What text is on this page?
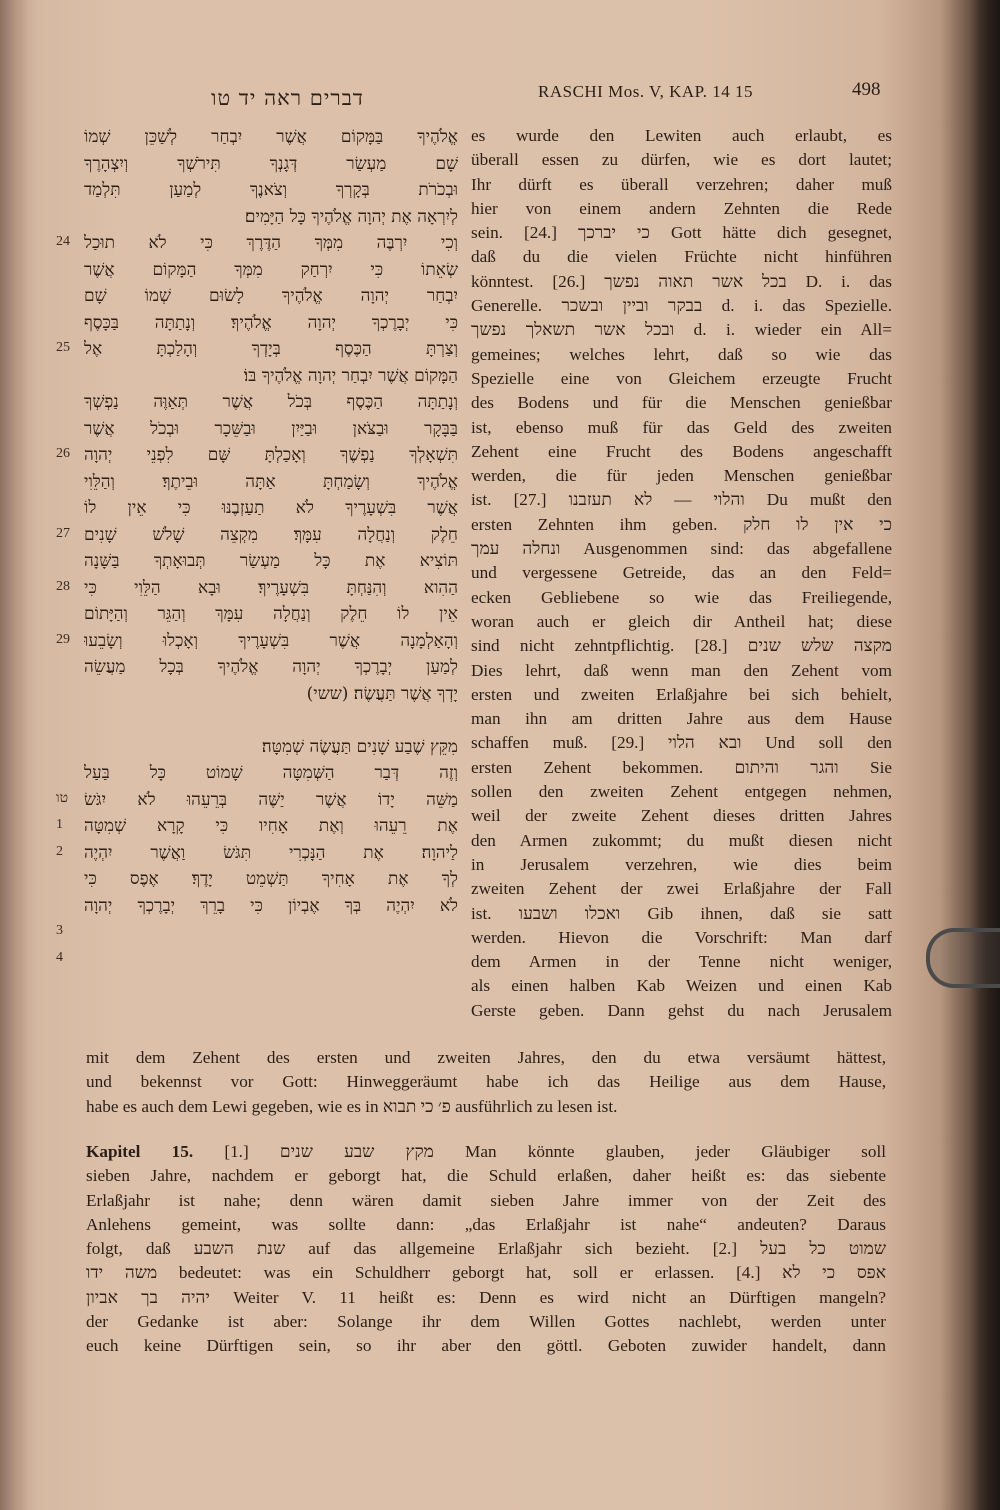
דברים ראה יד טו	RASCHI Mos. V, KAP. 14 15	498
24
25
26
27
28
29
טו
1
2
3
4
אֱלֹהֶיךָ בַּמָּקוֹם אֲשֶׁר יִבְחַר לְשַׁכֵּן שְׁמוֹ
שָׁם מַעְשַׂר דְּגָנְךָ תִּירֹשְׁךָ וְיִצְהָרֶךָ
וּבְכֹרֹת בְּקָרְךָ וְצֹאנֶךָ לְמַעַן תִּלְמַד
לְיִרְאָה אֶת יְהוָה אֱלֹהֶיךָ כָּל הַיָּמִים׃
וְכִי יִרְבֶּה מִמְּךָ הַדֶּרֶךְ כִּי לֹא תוּכַל
שְׂאֵתוֹ כִּי יִרְחַק מִמְּךָ הַמָּקוֹם אֲשֶׁר
יִבְחַר יְהוָה אֱלֹהֶיךָ לָשׂוּם שְׁמוֹ שָׁם
כִּי יְבָרֶכְךָ יְהוָה אֱלֹהֶיךָ׃ וְנָתַתָּה בַּכָּסֶף
וְצַרְתָּ הַכֶּסֶף בְּיָדְךָ וְהָלַכְתָּ אֶל
הַמָּקוֹם אֲשֶׁר יִבְחַר יְהוָה אֱלֹהֶיךָ בּוֹ׃
וְנָתַתָּה הַכֶּסֶף בְּכֹל אֲשֶׁר תְּאַוֶּה נַפְשְׁךָ
בַּבָּקָר וּבַצֹּאן וּבַיַּיִן וּבַשֵּׁכָר וּבְכֹל אֲשֶׁר
תִּשְׁאָלְךָ נַפְשֶׁךָ וְאָכַלְתָּ שָּׁם לִפְנֵי יְהוָה
אֱלֹהֶיךָ וְשָׂמַחְתָּ אַתָּה וּבֵיתֶךָ׃ וְהַלֵּוִי
אֲשֶׁר בִּשְׁעָרֶיךָ לֹא תַעַזְבֶנּוּ כִּי אֵין לוֹ
חֵלֶק וְנַחֲלָה עִמָּךְ׃ מִקְצֵה שָׁלֹשׁ שָׁנִים
תּוֹצִיא אֶת כָּל מַעְשַׂר תְּבוּאָתְךָ בַּשָּׁנָה
הַהִוא וְהִנַּחְתָּ בִּשְׁעָרֶיךָ׃ וּבָא הַלֵּוִי כִּי
אֵין לוֹ חֵלֶק וְנַחֲלָה עִמָּךְ וְהַגֵּר וְהַיָּתוֹם
וְהָאַלְמָנָה אֲשֶׁר בִּשְׁעָרֶיךָ וְאָכְלוּ וְשָׂבֵעוּ
לְמַעַן יְבָרֶכְךָ יְהוָה אֱלֹהֶיךָ בְּכָל מַעֲשֵׂה
יָדְךָ אֲשֶׁר תַּעֲשֶׂה׃ (ששי)
מִקֵּץ שֶׁבַע שָׁנִים תַּעֲשֶׂה שְׁמִטָּה׃
וְזֶה דְּבַר הַשְּׁמִטָּה שָׁמוֹט כָּל בַּעַל
מַשֵּׁה יָדוֹ אֲשֶׁר יַשֶּׁה בְּרֵעֵהוּ לֹא יִגֹּשׂ
אֶת רֵעֵהוּ וְאֶת אָחִיו כִּי קָרָא שְׁמִטָּה
לַיהוָה׃ אֶת הַנָּכְרִי תִּגֹּשׂ וַאֲשֶׁר יִהְיֶה
לְךָ אֶת אָחִיךָ תַּשְׁמֵט יָדֶךָ׃ אֶפֶס כִּי
לֹא יִהְיֶה בְּךָ אֶבְיוֹן כִּי בָרֵךְ יְבָרֶכְךָ יְהוָה
es wurde den Lewiten auch erlaubt, es
überall essen zu dürfen, wie es dort lautet;
Ihr dürft es überall verzehren; daher muß
hier von einem andern Zehnten die Rede
sein. [24.] כי יברכך Gott hätte dich gesegnet,
daß du die vielen Früchte nicht hinführen
könntest. [26.] בכל אשר תאוה נפשך D. i. das
Generelle. בבקר וביין ובשכר d. i. das Spezielle.
ובכל אשר תשאלך נפשך d. i. wieder ein All=
gemeines; welches lehrt, daß so wie das
Spezielle eine von Gleichem erzeugte Frucht
des Bodens und für die Menschen genießbar
ist, ebenso muß für das Geld des zweiten
Zehent eine Frucht des Bodens angeschafft
werden, die für jeden Menschen genießbar
ist. [27.] והלוי — לא תעזבנו Du mußt den
ersten Zehnten ihm geben. כי אין לו חלק
ונחלה עמך Ausgenommen sind: das abgefallene
und vergessene Getreide, das an den Feld=
ecken Gebliebene so wie das Freiliegende,
woran auch er gleich dir Antheil hat; diese
sind nicht zehntpflichtig. [28.] מקצה שלש שנים
Dies lehrt, daß wenn man den Zehent vom
ersten und zweiten Erlaßjahre bei sich behielt,
man ihn am dritten Jahre aus dem Hause
schaffen muß. [29.] ובא הלוי Und soll den
ersten Zehent bekommen. והגר והיתום Sie
sollen den zweiten Zehent entgegen nehmen,
weil der zweite Zehent dieses dritten Jahres
den Armen zukommt; du mußt diesen nicht
in Jerusalem verzehren, wie dies beim
zweiten Zehent der zwei Erlaßjahre der Fall
ist. ואכלו ושבעו Gib ihnen, daß sie satt
werden. Hievon die Vorschrift: Man darf
dem Armen in der Tenne nicht weniger,
als einen halben Kab Weizen und einen Kab
Gerste geben. Dann gehst du nach Jerusalem
mit dem Zehent des ersten und zweiten Jahres, den du etwa versäumt hättest,
und bekennst vor Gott: Hinweggeräumt habe ich das Heilige aus dem Hause,
habe es auch dem Lewi gegeben, wie es in פ׳ כי תבוא ausführlich zu lesen ist.
Kapitel 15. [1.] מקץ שבע שנים Man könnte glauben, jeder Gläubiger soll
sieben Jahre, nachdem er geborgt hat, die Schuld erlaßen, daher heißt es: das siebente
Erlaßjahr ist nahe; denn wären damit sieben Jahre immer von der Zeit des
Anlehens gemeint, was sollte dann: „das Erlaßjahr ist nahe“ andeuten? Daraus
folgt, daß שנת השבע auf das allgemeine Erlaßjahr sich bezieht. [2.] שמוט כל בעל
משה ידו bedeutet: was ein Schuldherr geborgt hat, soll er erlassen. [4.] אפס כי לא
יהיה בך אביון Weiter V. 11 heißt es: Denn es wird nicht an Dürftigen mangeln?
der Gedanke ist aber: Solange ihr dem Willen Gottes nachlebt, werden unter
euch keine Dürftigen sein, so ihr aber den göttl. Geboten zuwider handelt, dann
